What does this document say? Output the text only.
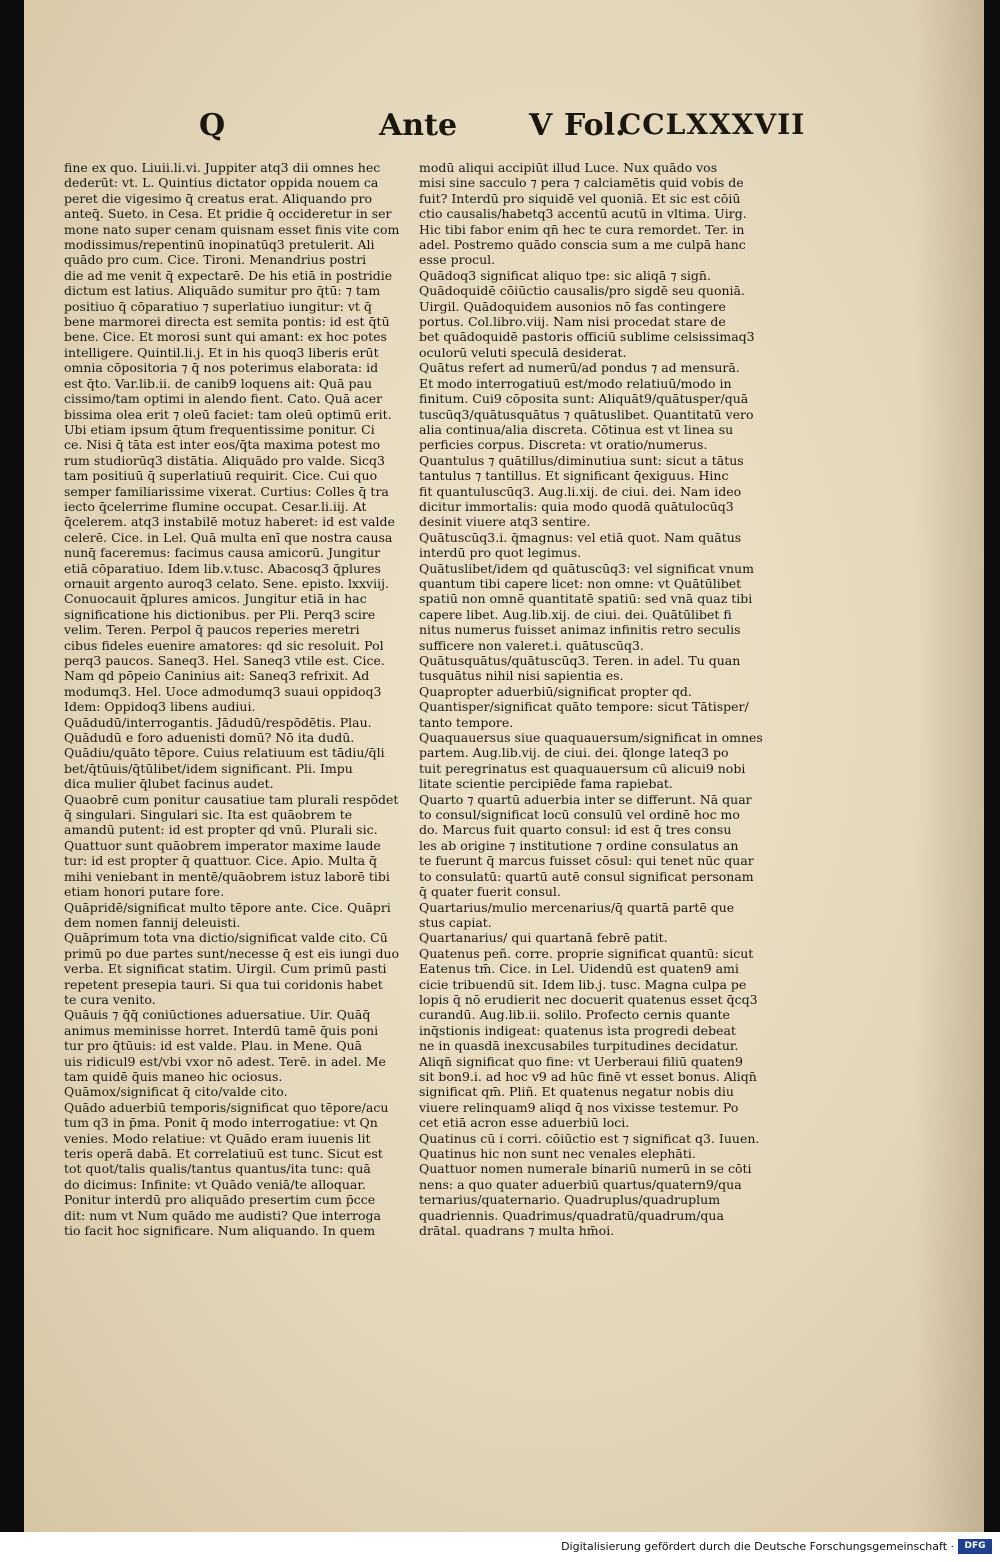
Q	Ante V Fol.
CCLXXXVII
fine ex quo. Liuii.li.vi. Juppiter atq3 dii omnes hec
dederūt: vt. L. Quintius dictator oppida nouem ca
peret die vigesimo q̄ creatus erat. Aliquando pro
anteq̄. Sueto. in Cesa. Et pridie q̄ occideretur in ser
mone nato super cenam quisnam esset finis vite com
modissimus/repentinū inopinatūq3 pretulerit. Ali
quādo pro cum. Cice. Tironi. Menandrius postri
die ad me venit q̄ expectarē. De his etiā in postridie
dictum est latius. Aliquādo sumitur pro q̄tū: ⁊ tam
positiuo q̄ cōparatiuo ⁊ superlatiuo iungitur: vt q̄
bene marmorei directa est semita pontis: id est q̄tū
bene. Cice. Et morosi sunt qui amant: ex hoc potes
intelligere. Quintil.li.j. Et in his quoq3 liberis erūt
omnia cōpositoria ⁊ q̄ nos poterimus elaborata: id
est q̄to. Var.lib.ii. de canib9 loquens ait: Quā pau
cissimo/tam optimi in alendo fient. Cato. Quā acer
bissima olea erit ⁊ oleū faciet: tam oleū optimū erit.
Ubi etiam ipsum q̄tum frequentissime ponitur. Ci
ce. Nisi q̄ tāta est inter eos/q̄ta maxima potest mo
rum studiorūq3 distātia. Aliquādo pro valde. Sicq3
tam positiuū q̄ superlatiuū requirit. Cice. Cui quo
semper familiarissime vixerat. Curtius: Colles q̄ tra
iecto q̄celerrime flumine occupat. Cesar.li.iij. At
q̄celerem. atq3 instabilē motuz haberet: id est valde
celerē. Cice. in Lel. Quā multa enī que nostra causa
nunq̄ faceremus: facimus causa amicorū. Jungitur
etiā cōparatiuo. Idem lib.v.tusc. Abacosq3 q̄plures
ornauit argento auroq3 celato. Sene. episto. lxxviij.
Conuocauit q̄plures amicos. Jungitur etiā in hac
significatione his dictionibus. per Pli. Perq3 scire
velim. Teren. Perpol q̄ paucos reperies meretri
cibus fideles euenire amatores: qd sic resoluit. Pol
perq3 paucos. Saneq3. Hel. Saneq3 vtile est. Cice.
Nam qd pōpeio Caninius ait: Saneq3 refrixit. Ad
modumq3. Hel. Uoce admodumq3 suaui oppidoq3
Idem: Oppidoq3 libens audiui.
Quādudū/interrogantis. Jādudū/respōdētis. Plau.
Quādudū e foro aduenisti domū? Nō ita dudū.
Quādiu/quāto tēpore. Cuius relatiuum est tādiu/q̄li
bet/q̄tūuis/q̄tūlibet/idem significant. Pli. Impu
dica mulier q̄lubet facinus audet.
Quaobrē cum ponitur causatiue tam plurali respōdet
q̄ singulari. Singulari sic. Ita est quāobrem te
amandū putent: id est propter qd vnū. Plurali sic.
Quattuor sunt quāobrem imperator maxime laude
tur: id est propter q̄ quattuor. Cice. Apio. Multa q̄
mihi veniebant in mentē/quāobrem istuz laborē tibi
etiam honori putare fore.
Quāpridē/significat multo tēpore ante. Cice. Quāpri
dem nomen fannij deleuisti.
Quāprimum tota vna dictio/significat valde cito. Cū
primū po due partes sunt/necesse q̄ est eis iungi duo
verba. Et significat statim. Uirgil. Cum primū pasti
repetent presepia tauri. Si qua tui coridonis habet
te cura venito.
Quāuis ⁊ q̄q̄ coniūctiones aduersatiue. Uir. Quāq̄
animus meminisse horret. Interdū tamē q̄uis poni
tur pro q̄tūuis: id est valde. Plau. in Mene. Quā
uis ridicul9 est/vbi vxor nō adest. Terē. in adel. Me
tam quidē q̄uis maneo hic ociosus.
Quāmox/significat q̄ cito/valde cito.
Quādo aduerbiū temporis/significat quo tēpore/acu
tum q3 in p̄ma. Ponit q̄ modo interrogatiue: vt Qn
venies. Modo relatiue: vt Quādo eram iuuenis lit
teris operā dabā. Et correlatiuū est tunc. Sicut est
tot quot/talis qualis/tantus quantus/ita tunc: quā
do dicimus: Infinite: vt Quādo veniā/te alloquar.
Ponitur interdū pro aliquādo presertim cum p̄cce
dit: num vt Num quādo me audisti? Que interroga
tio facit hoc significare. Num aliquando. In quem
modū aliqui accipiūt illud Luce. Nux quādo vos
misi sine sacculo ⁊ pera ⁊ calciamētis quid vobis de
fuit? Interdū pro siquidē vel quoniā. Et sic est cōiū
ctio causalis/habetq3 accentū acutū in vltima. Uirg.
Hic tibi fabor enim qn̄ hec te cura remordet. Ter. in
adel. Postremo quādo conscia sum a me culpā hanc
esse procul.
Quādoq3 significat aliquo tpe: sic aliqā ⁊ sign̄.
Quādoquidē cōiūctio causalis/pro sigdē seu quoniā.
Uirgil. Quādoquidem ausonios nō fas contingere
portus. Col.libro.viij. Nam nisi procedat stare de
bet quādoquidē pastoris officiū sublime celsissimaq3
oculorū veluti speculā desiderat.
Quātus refert ad numerū/ad pondus ⁊ ad mensurā.
Et modo interrogatiuū est/modo relatiuū/modo in
finitum. Cui9 cōposita sunt: Aliquāt9/quātusper/quā
tuscūq3/quātusquātus ⁊ quātuslibet. Quantitatū vero
alia continua/alia discreta. Cōtinua est vt linea su
perficies corpus. Discreta: vt oratio/numerus.
Quantulus ⁊ quātillus/diminutiua sunt: sicut a tātus
tantulus ⁊ tantillus. Et significant q̄exiguus. Hinc
fit quantuluscūq3. Aug.li.xij. de ciui. dei. Nam ideo
dicitur immortalis: quia modo quodā quātulocūq3
desinit viuere atq3 sentire.
Quātuscūq3.i. q̄magnus: vel etiā quot. Nam quātus
interdū pro quot legimus.
Quātuslibet/idem qd quātuscūq3: vel significat vnum
quantum tibi capere licet: non omne: vt Quātūlibet
spatiū non omnē quantitatē spatiū: sed vnā quaz tibi
capere libet. Aug.lib.xij. de ciui. dei. Quātūlibet fi
nitus numerus fuisset animaz infinitis retro seculis
sufficere non valeret.i. quātuscūq3.
Quātusquātus/quātuscūq3. Teren. in adel. Tu quan
tusquātus nihil nisi sapientia es.
Quapropter aduerbiū/significat propter qd.
Quantisper/significat quāto tempore: sicut Tātisper/
tanto tempore.
Quaquauersus siue quaquauersum/significat in omnes
partem. Aug.lib.vij. de ciui. dei. q̄longe lateq3 po
tuit peregrinatus est quaquauersum cū alicui9 nobi
litate scientie percipiēde fama rapiebat.
Quarto ⁊ quartū aduerbia inter se differunt. Nā quar
to consul/significat locū consulū vel ordinē hoc mo
do. Marcus fuit quarto consul: id est q̄ tres consu
les ab origine ⁊ institutione ⁊ ordine consulatus an
te fuerunt q̄ marcus fuisset cōsul: qui tenet nūc quar
to consulatū: quartū autē consul significat personam
q̄ quater fuerit consul.
Quartarius/mulio mercenarius/q̄ quartā partē que
stus capiat.
Quartanarius/ qui quartanā febrē patit.
Quatenus peñ. corre. proprie significat quantū: sicut
Eatenus tm̄. Cice. in Lel. Uidendū est quaten9 ami
cicie tribuendū sit. Idem lib.j. tusc. Magna culpa pe
lopis q̄ nō erudierit nec docuerit quatenus esset q̄cq3
curandū. Aug.lib.ii. solilo. Profecto cernis quante
inq̄stionis indigeat: quatenus ista progredi debeat
ne in quasdā inexcusabiles turpitudines decidatur.
Aliqn̄ significat quo fine: vt Uerberaui filiū quaten9
sit bon9.i. ad hoc v9 ad hūc finē vt esset bonus. Aliqn̄
significat qm̄. Pliñ. Et quatenus negatur nobis diu
viuere relinquam9 aliqd q̄ nos vixisse testemur. Po
cet etiā acron esse aduerbiū loci.
Quatinus cū i corri. cōiūctio est ⁊ significat q3. Iuuen.
Quatinus hic non sunt nec venales elephāti.
Quattuor nomen numerale binariū numerū in se cōti
nens: a quo quater aduerbiū quartus/quatern9/qua
ternarius/quaternario. Quadruplus/quadruplum
quadriennis. Quadrimus/quadratū/quadrum/qua
drātal. quadrans ⁊ multa hm̄oi.
Digitalisierung gefördert durch die Deutsche Forschungsgemeinschaft ·	DFG
